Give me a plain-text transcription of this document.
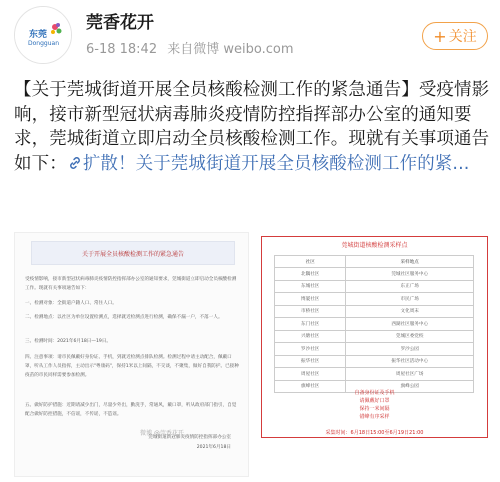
东莞
Dongguan
莞香花开
6-18 18:42 来自微博 weibo.com
+ 关注
【关于莞城街道开展全员核酸检测工作的紧急通告】受疫情影响，接市新型冠状病毒肺炎疫情防控指挥部办公室的通知要求，莞城街道立即启动全员核酸检测工作。现就有关事项通告如下： 扩散！关于莞城街道开展全员核酸检测工作的紧...
关于开展全员核酸检测工作的紧急通告
受疫情影响，接市新型冠状病毒肺炎疫情防控指挥部办公室的通知要求，莞城街道立即启动全员核酸检测工作。现就有关事项通告如下：
一、检测对象：全街道户籍人口、常住人口。
二、检测地点：以社区为单位设置检测点，选择就近检测点进行检测，确保不漏一户，不落一人。
三、检测时间：2021年6月18日—19日。
四、注意事项：请市民佩戴好身份证、手机，到就近检测点排队检测。检测过程中请主动配合，佩戴口罩，听从工作人员指挥，主动出示"粤康码"，保持1米以上间隔，不交谈，不聚集，做好自我防护。已接种疫苗的市民同样需要参加检测。
五、做好防护措施：近期请减少出门，尽量少外出，勤洗手，常通风，戴口罩，听从政府部门指引，自觉配合做好防控措施，不信谣，不传谣，不造谣。
莞城街道新冠肺炎疫情防控指挥部办公室
2021年6月18日
莞城街道核酸检测采样点
社区	采样地点
北隅社区	莞城社区服务中心
东城社区	东正广场
博厦社区	市民广场
市桥社区	文化周末
东门社区	西湖社区服务中心
兴塘社区	莞城区委党校
罗沙社区	罗沙公园
振华社区	振华社区活动中心
周屋社区	周屋社区广场
旗峰社区	旗峰公园
自备身份证及手机
请佩戴好口罩
保持一米间隔
错峰有序采样
采集时间：6月18日15:00至6月19日21:00
微博 @莞香花开
